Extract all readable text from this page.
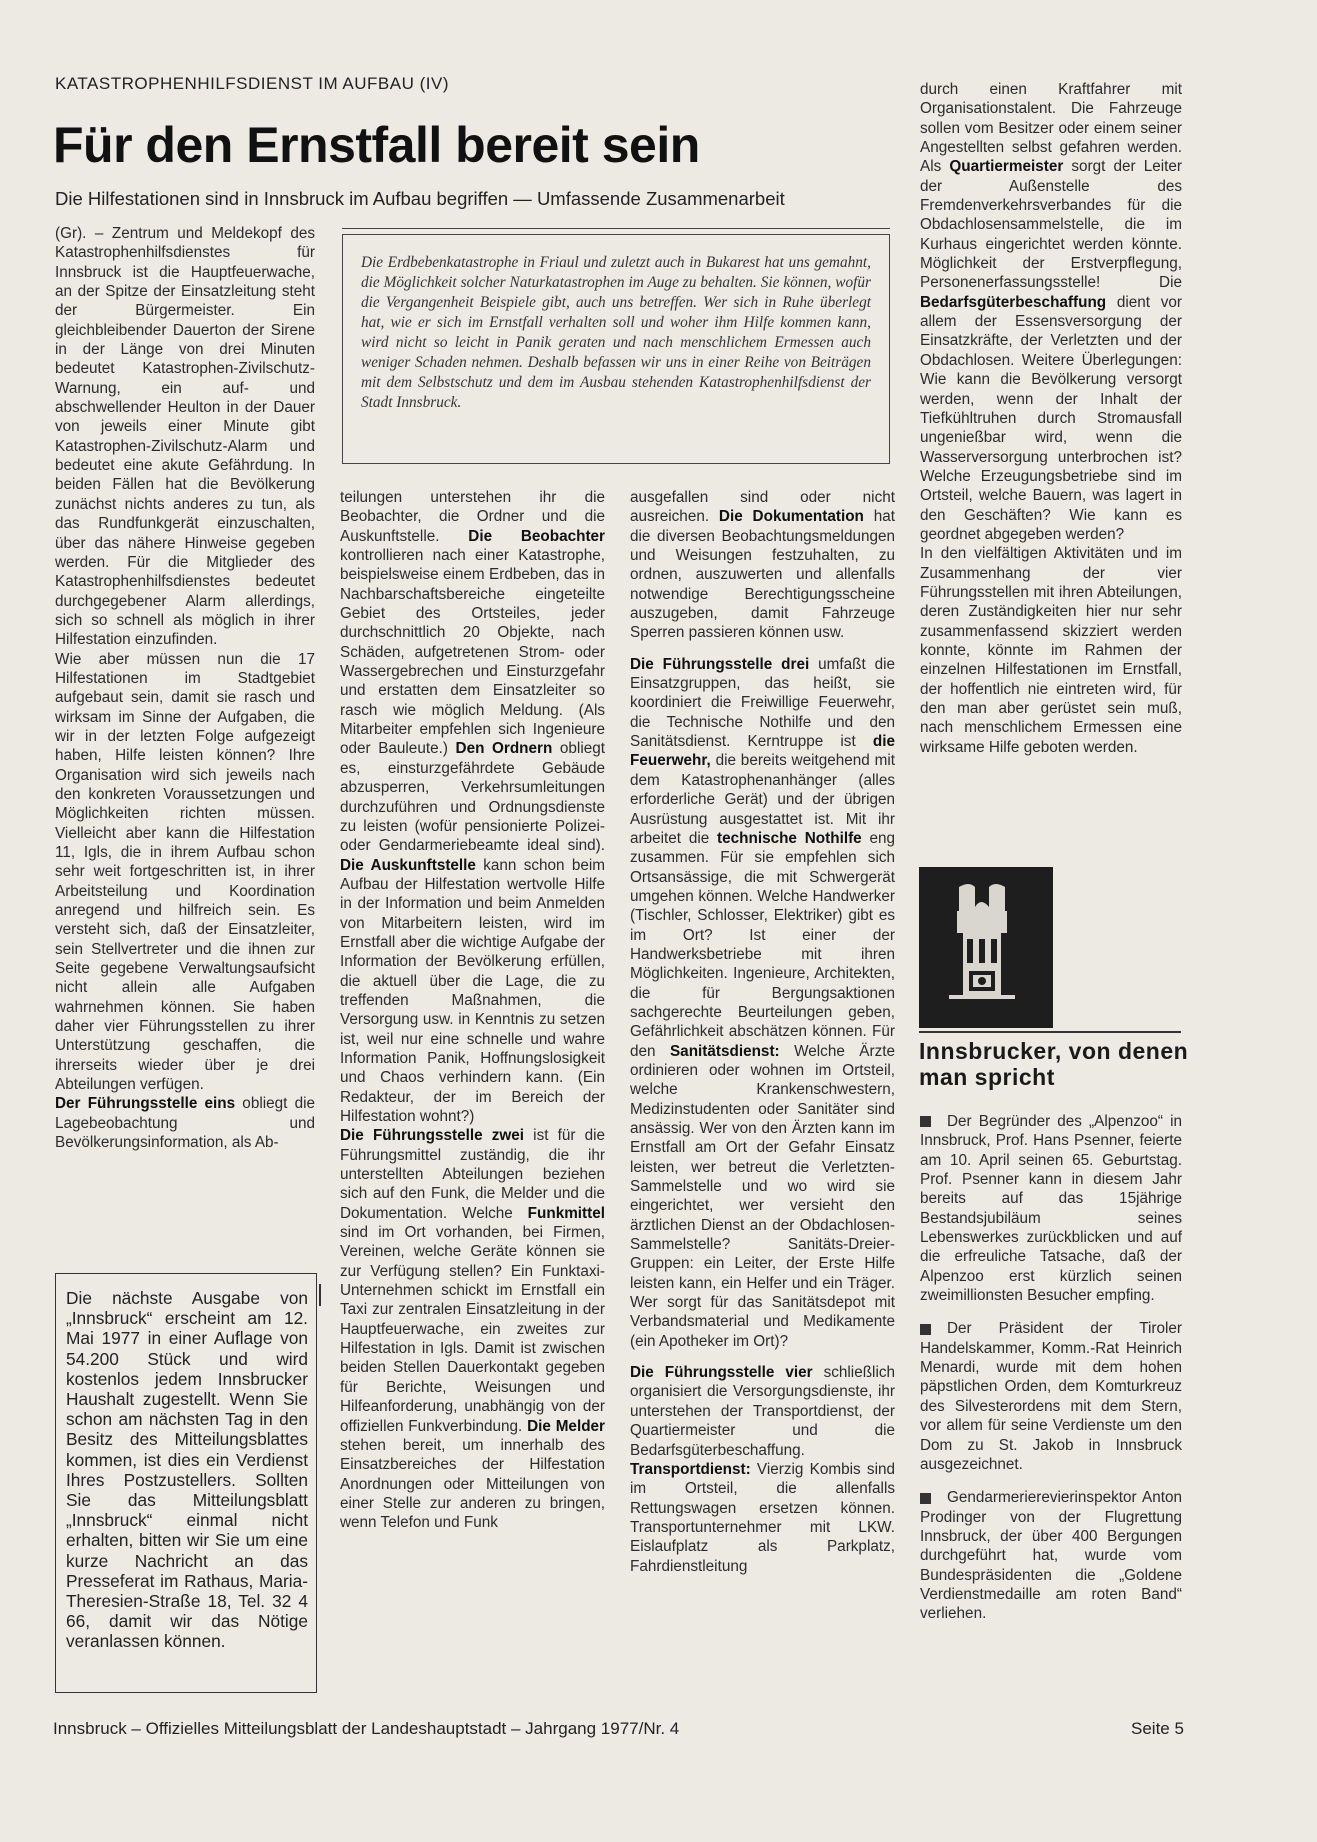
KATASTROPHENHILFSDIENST IM AUFBAU (IV)
Für den Ernstfall bereit sein
Die Hilfestationen sind in Innsbruck im Aufbau begriffen — Umfassende Zusammenarbeit

(Gr). – Zentrum und Meldekopf des Katastrophenhilfsdienstes für Innsbruck ist die Hauptfeuerwache, an der Spitze der Einsatzleitung steht der Bürgermeister. Ein gleichbleibender Dauerton der Sirene in der Länge von drei Minuten bedeutet Katastrophen-Zivilschutz-Warnung, ein auf- und abschwellender Heulton in der Dauer von jeweils einer Minute gibt Katastrophen-Zivilschutz-Alarm und bedeutet eine akute Gefährdung. In beiden Fällen hat die Bevölkerung zunächst nichts anderes zu tun, als das Rundfunkgerät einzuschalten, über das nähere Hinweise gegeben werden. Für die Mitglieder des Katastrophenhilfsdienstes bedeutet durchgegebener Alarm allerdings, sich so schnell als möglich in ihrer Hilfestation einzufinden.

Wie aber müssen nun die 17 Hilfestationen im Stadtgebiet aufgebaut sein, damit sie rasch und wirksam im Sinne der Aufgaben, die wir in der letzten Folge aufgezeigt haben, Hilfe leisten können? Ihre Organisation wird sich jeweils nach den konkreten Voraussetzungen und Möglichkeiten richten müssen. Vielleicht aber kann die Hilfestation 11, Igls, die in ihrem Aufbau schon sehr weit fortgeschritten ist, in ihrer Arbeitsteilung und Koordination anregend und hilfreich sein. Es versteht sich, daß der Einsatzleiter, sein Stellvertreter und die ihnen zur Seite gegebene Verwaltungsaufsicht nicht allein alle Aufgaben wahrnehmen können. Sie haben daher vier Führungsstellen zu ihrer Unterstützung geschaffen, die ihrerseits wieder über je drei Abteilungen verfügen.

Der Führungsstelle eins obliegt die Lagebeobachtung und Bevölkerungsinformation, als Ab-

Die Erdbebenkatastrophe in Friaul und zuletzt auch in Bukarest hat uns gemahnt, die Möglichkeit solcher Naturkatastrophen im Auge zu behalten. Sie können, wofür die Vergangenheit Beispiele gibt, auch uns betreffen. Wer sich in Ruhe überlegt hat, wie er sich im Ernstfall verhalten soll und woher ihm Hilfe kommen kann, wird nicht so leicht in Panik geraten und nach menschlichem Ermessen auch weniger Schaden nehmen. Deshalb befassen wir uns in einer Reihe von Beiträgen mit dem Selbstschutz und dem im Ausbau stehenden Katastrophenhilfsdienst der Stadt Innsbruck.

teilungen unterstehen ihr die Beobachter, die Ordner und die Auskunftstelle. Die Beobachter kontrollieren nach einer Katastrophe, beispielsweise einem Erdbeben, das in Nachbarschaftsbereiche eingeteilte Gebiet des Ortsteiles, jeder durchschnittlich 20 Objekte, nach Schäden, aufgetretenen Strom- oder Wassergebrechen und Einsturzgefahr und erstatten dem Einsatzleiter so rasch wie möglich Meldung. (Als Mitarbeiter empfehlen sich Ingenieure oder Bauleute.) Den Ordnern obliegt es, einsturzgefährdete Gebäude abzusperren, Verkehrsumleitungen durchzuführen und Ordnungsdienste zu leisten (wofür pensionierte Polizei- oder Gendarmeriebeamte ideal sind). Die Auskunftstelle kann schon beim Aufbau der Hilfestation wertvolle Hilfe in der Information und beim Anmelden von Mitarbeitern leisten, wird im Ernstfall aber die wichtige Aufgabe der Information der Bevölkerung erfüllen, die aktuell über die Lage, die zu treffenden Maßnahmen, die Versorgung usw. in Kenntnis zu setzen ist, weil nur eine schnelle und wahre Information Panik, Hoffnungslosigkeit und Chaos verhindern kann. (Ein Redakteur, der im Bereich der Hilfestation wohnt?)

Die Führungsstelle zwei ist für die Führungsmittel zuständig, die ihr unterstellten Abteilungen beziehen sich auf den Funk, die Melder und die Dokumentation. Welche Funkmittel sind im Ort vorhanden, bei Firmen, Vereinen, welche Geräte können sie zur Verfügung stellen? Ein Funktaxi-Unternehmen schickt im Ernstfall ein Taxi zur zentralen Einsatzleitung in der Hauptfeuerwache, ein zweites zur Hilfestation in Igls. Damit ist zwischen beiden Stellen Dauerkontakt gegeben für Berichte, Weisungen und Hilfeanforderung, unabhängig von der offiziellen Funkverbindung. Die Melder stehen bereit, um innerhalb des Einsatzbereiches der Hilfestation Anordnungen oder Mitteilungen von einer Stelle zur anderen zu bringen, wenn Telefon und Funk

ausgefallen sind oder nicht ausreichen. Die Dokumentation hat die diversen Beobachtungsmeldungen und Weisungen festzuhalten, zu ordnen, auszuwerten und allenfalls notwendige Berechtigungsscheine auszugeben, damit Fahrzeuge Sperren passieren können usw.

Die Führungsstelle drei umfaßt die Einsatzgruppen, das heißt, sie koordiniert die Freiwillige Feuerwehr, die Technische Nothilfe und den Sanitätsdienst. Kerntruppe ist die Feuerwehr, die bereits weitgehend mit dem Katastrophenanhänger (alles erforderliche Gerät) und der übrigen Ausrüstung ausgestattet ist. Mit ihr arbeitet die technische Nothilfe eng zusammen. Für sie empfehlen sich Ortsansässige, die mit Schwergerät umgehen können. Welche Handwerker (Tischler, Schlosser, Elektriker) gibt es im Ort? Ist einer der Handwerksbetriebe mit ihren Möglichkeiten. Ingenieure, Architekten, die für Bergungsaktionen sachgerechte Beurteilungen geben, Gefährlichkeit abschätzen können. Für den Sanitätsdienst: Welche Ärzte ordinieren oder wohnen im Ortsteil, welche Krankenschwestern, Medizinstudenten oder Sanitäter sind ansässig. Wer von den Ärzten kann im Ernstfall am Ort der Gefahr Einsatz leisten, wer betreut die Verletzten-Sammelstelle und wo wird sie eingerichtet, wer versieht den ärztlichen Dienst an der Obdachlosen-Sammelstelle? Sanitäts-Dreier-Gruppen: ein Leiter, der Erste Hilfe leisten kann, ein Helfer und ein Träger. Wer sorgt für das Sanitätsdepot mit Verbandsmaterial und Medikamente (ein Apotheker im Ort)?

Die Führungsstelle vier schließlich organisiert die Versorgungsdienste, ihr unterstehen der Transportdienst, der Quartiermeister und die Bedarfsgüterbeschaffung. Transportdienst: Vierzig Kombis sind im Ortsteil, die allenfalls Rettungswagen ersetzen können. Transportunternehmer mit LKW. Eislaufplatz als Parkplatz, Fahrdienstleitung

durch einen Kraftfahrer mit Organisationstalent. Die Fahrzeuge sollen vom Besitzer oder einem seiner Angestellten selbst gefahren werden. Als Quartiermeister sorgt der Leiter der Außenstelle des Fremdenverkehrsverbandes für die Obdachlosensammelstelle, die im Kurhaus eingerichtet werden könnte. Möglichkeit der Erstverpflegung, Personenerfassungsstelle! Die Bedarfsgüterbeschaffung dient vor allem der Essensversorgung der Einsatzkräfte, der Verletzten und der Obdachlosen. Weitere Überlegungen: Wie kann die Bevölkerung versorgt werden, wenn der Inhalt der Tiefkühltruhen durch Stromausfall ungenießbar wird, wenn die Wasserversorgung unterbrochen ist? Welche Erzeugungsbetriebe sind im Ortsteil, welche Bauern, was lagert in den Geschäften? Wie kann es geordnet abgegeben werden?

In den vielfältigen Aktivitäten und im Zusammenhang der vier Führungsstellen mit ihren Abteilungen, deren Zuständigkeiten hier nur sehr zusammenfassend skizziert werden konnte, könnte im Rahmen der einzelnen Hilfestationen im Ernstfall, der hoffentlich nie eintreten wird, für den man aber gerüstet sein muß, nach menschlichem Ermessen eine wirksame Hilfe geboten werden.

Die nächste Ausgabe von „Innsbruck“ erscheint am 12. Mai 1977 in einer Auflage von 54.200 Stück und wird kostenlos jedem Innsbrucker Haushalt zugestellt. Wenn Sie schon am nächsten Tag in den Besitz des Mitteilungsblattes kommen, ist dies ein Verdienst Ihres Postzustellers. Sollten Sie das Mitteilungsblatt „Innsbruck“ einmal nicht erhalten, bitten wir Sie um eine kurze Nachricht an das Presseferat im Rathaus, Maria-Theresien-Straße 18, Tel. 32 4 66, damit wir das Nötige veranlassen können.
Innsbrucker, von denen man spricht

Der Begründer des „Alpenzoo“ in Innsbruck, Prof. Hans Psenner, feierte am 10. April seinen 65. Geburtstag. Prof. Psenner kann in diesem Jahr bereits auf das 15jährige Bestandsjubiläum seines Lebenswerkes zurückblicken und auf die erfreuliche Tatsache, daß der Alpenzoo erst kürzlich seinen zweimillionsten Besucher empfing.

Der Präsident der Tiroler Handelskammer, Komm.-Rat Heinrich Menardi, wurde mit dem hohen päpstlichen Orden, dem Komturkreuz des Silvesterordens mit dem Stern, vor allem für seine Verdienste um den Dom zu St. Jakob in Innsbruck ausgezeichnet.

Gendarmerierevierinspektor Anton Prodinger von der Flugrettung Innsbruck, der über 400 Bergungen durchgeführt hat, wurde vom Bundespräsidenten die „Goldene Verdienstmedaille am roten Band“ verliehen.

Innsbruck – Offizielles Mitteilungsblatt der Landeshauptstadt – Jahrgang 1977/Nr. 4	Seite 5
